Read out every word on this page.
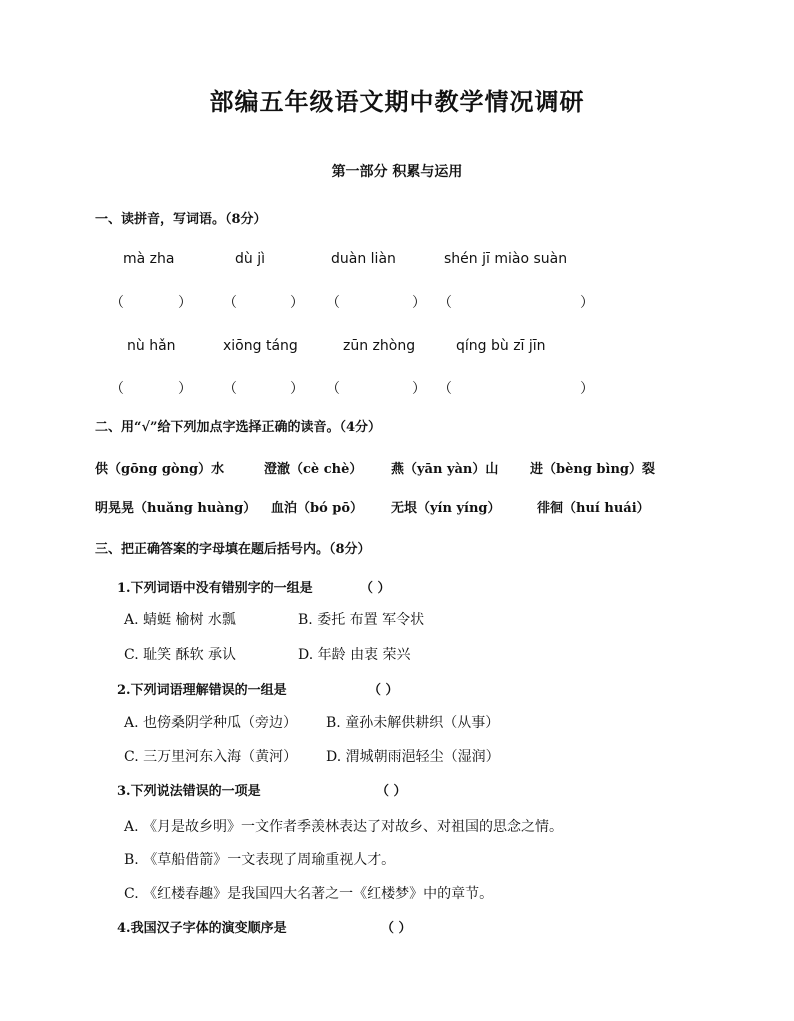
部编五年级语文期中教学情况调研
第一部分 积累与运用
一、读拼音，写词语。（8分）
mà zha	dù jì	duàn liàn	shén jī miào suàn
（	） （	） （	） （	）
nù hǎn	xiōng táng	zūn zhòng	qíng bù zī jīn
（	） （	） （	） （	）
二、用“√”给下列加点字选择正确的读音。（4分）
供（gōng gòng）水	澄澈（cè chè） 燕（yān yàn）山 进（bèng bìng）裂
明晃晃（huǎng huàng） 血泊（bó pō） 无垠（yín yíng）	徘徊（huí huái）
三、把正确答案的字母填在题后括号内。（8分）
1.下列词语中没有错别字的一组是	（ ）
A. 蜻蜓 榆树 水瓢	B. 委托 布置 军令状
C. 耻笑 酥软 承认	D. 年龄 由衷 荣兴
2.下列词语理解错误的一组是	（ ）
A. 也傍桑阴学种瓜（旁边） B. 童孙未解供耕织（从事）
C. 三万里河东入海（黄河） D. 渭城朝雨浥轻尘（湿润）
3.下列说法错误的一项是	（ ）
A. 《月是故乡明》一文作者季羡林表达了对故乡、对祖国的思念之情。
B. 《草船借箭》一文表现了周瑜重视人才。
C. 《红楼春趣》是我国四大名著之一《红楼梦》中的章节。
4.我国汉子字体的演变顺序是	（ ）
